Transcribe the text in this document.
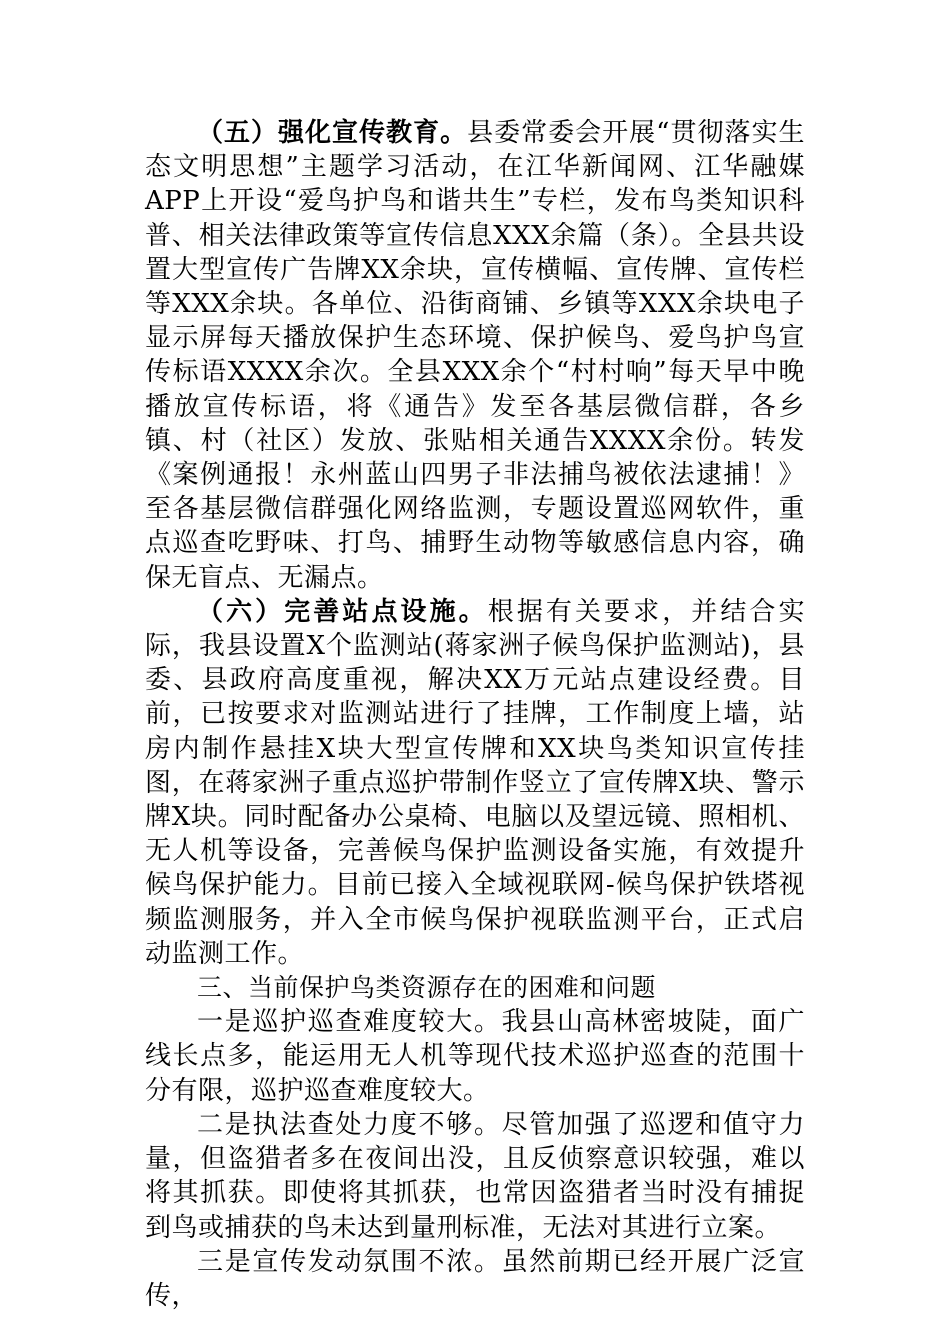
（五）强化宣传教育。县委常委会开展“贯彻落实生态文明思想”主题学习活动，在江华新闻网、江华融媒APP上开设“爱鸟护鸟和谐共生”专栏，发布鸟类知识科普、相关法律政策等宣传信息XXX余篇（条）。全县共设置大型宣传广告牌XX余块，宣传横幅、宣传牌、宣传栏等XXX余块。各单位、沿街商铺、乡镇等XXX余块电子显示屏每天播放保护生态环境、保护候鸟、爱鸟护鸟宣传标语XXXX余次。全县XXX余个“村村响”每天早中晚播放宣传标语，将《通告》发至各基层微信群，各乡镇、村（社区）发放、张贴相关通告XXXX余份。转发《案例通报！永州蓝山四男子非法捕鸟被依法逮捕！》至各基层微信群强化网络监测，专题设置巡网软件，重点巡查吃野味、打鸟、捕野生动物等敏感信息内容，确保无盲点、无漏点。

（六）完善站点设施。根据有关要求，并结合实际，我县设置X个监测站(蒋家洲子候鸟保护监测站)，县委、县政府高度重视，解决XX万元站点建设经费。目前，已按要求对监测站进行了挂牌，工作制度上墙，站房内制作悬挂X块大型宣传牌和XX块鸟类知识宣传挂图，在蒋家洲子重点巡护带制作竖立了宣传牌X块、警示牌X块。同时配备办公桌椅、电脑以及望远镜、照相机、无人机等设备，完善候鸟保护监测设备实施，有效提升候鸟保护能力。目前已接入全域视联网-候鸟保护铁塔视频监测服务，并入全市候鸟保护视联监测平台，正式启动监测工作。

三、当前保护鸟类资源存在的困难和问题

一是巡护巡查难度较大。我县山高林密坡陡，面广线长点多，能运用无人机等现代技术巡护巡查的范围十分有限，巡护巡查难度较大。

二是执法查处力度不够。尽管加强了巡逻和值守力量，但盗猎者多在夜间出没，且反侦察意识较强，难以将其抓获。即使将其抓获，也常因盗猎者当时没有捕捉到鸟或捕获的鸟未达到量刑标准，无法对其进行立案。

三是宣传发动氛围不浓。虽然前期已经开展广泛宣传，
